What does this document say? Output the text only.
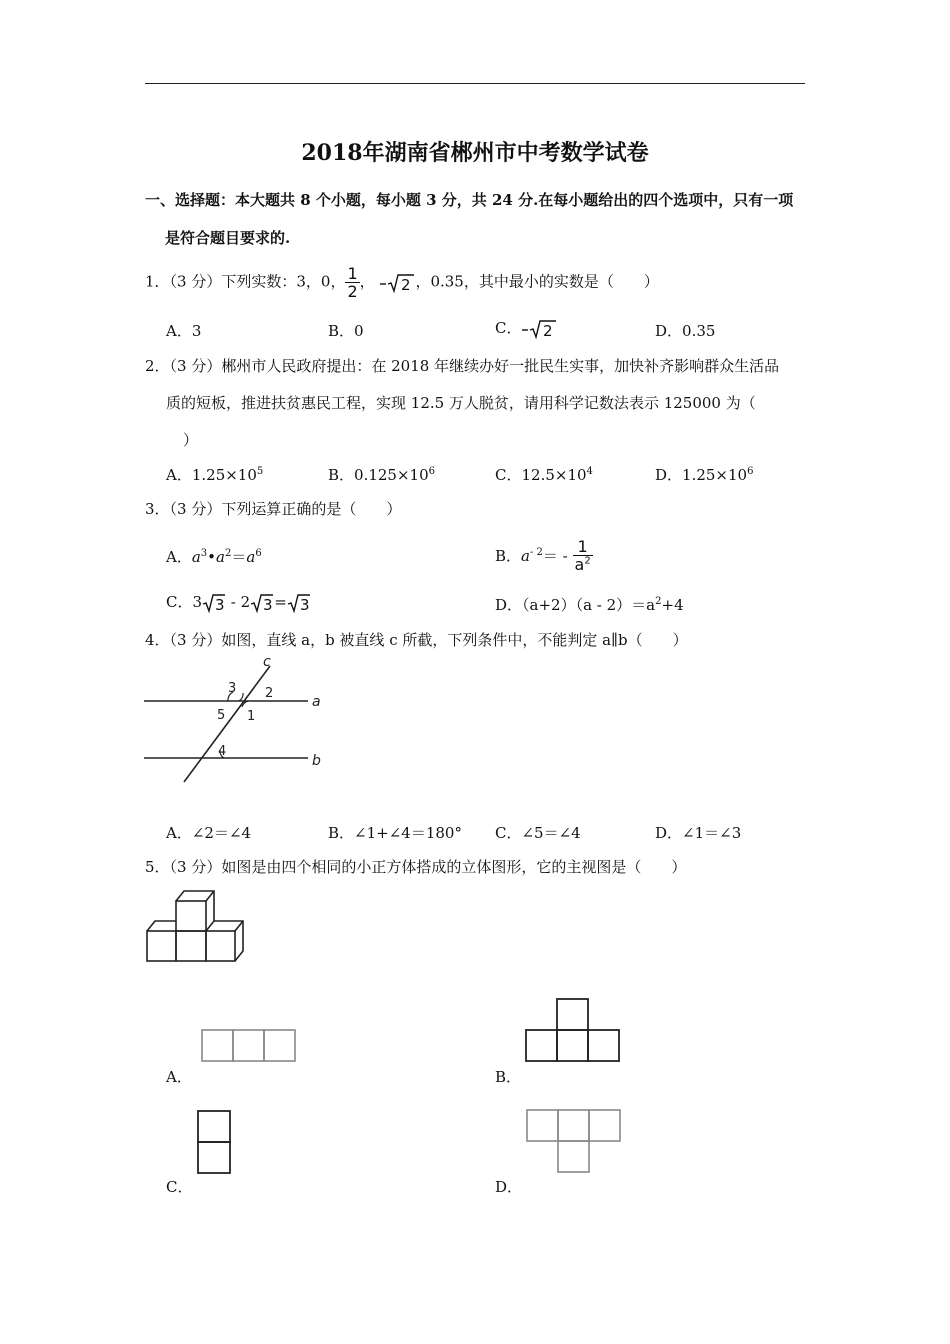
2018年湖南省郴州市中考数学试卷
一、选择题：本大题共 8 个小题，每小题 3 分，共 24 分.在每小题给出的四个选项中，只有一项
是符合题目要求的.
1．（3 分）下列实数：3，0， $\frac{1}{2}$ ， 2 ，0.35，其中最小的实数是（　　）
A．3	B．0	C． 2	D．0.35
2．（3 分）郴州市人民政府提出：在 2018 年继续办好一批民生实事，加快补齐影响群众生活品
质的短板，推进扶贫惠民工程，实现 12.5 万人脱贫，请用科学记数法表示 125000 为（
）
A．$1.25\times 10^5$	B．$0.125\times 10^6$	C．$12.5\times 10^4$	D．$1.25\times 10^6$
3．（3 分）下列运算正确的是（　　）
A．$a^3•a^2=a^6$	B．$a^{- 2}= - \frac{1}{a^2}$
C．3 3 - 2 3 = 3	D．$(a+2)(a - 2)=a^2+4$
4．（3 分）如图，直线 a，b 被直线 c 所截，下列条件中，不能判定 a∥b（　　）
c
a
b
3 2
5 1
4
A．∠2＝∠4	B．∠1+∠4＝180° C．∠5＝∠4	D．∠1＝∠3
5．（3 分）如图是由四个相同的小正方体搭成的立体图形，它的主视图是（　　）
A．	B．
C．	D．
